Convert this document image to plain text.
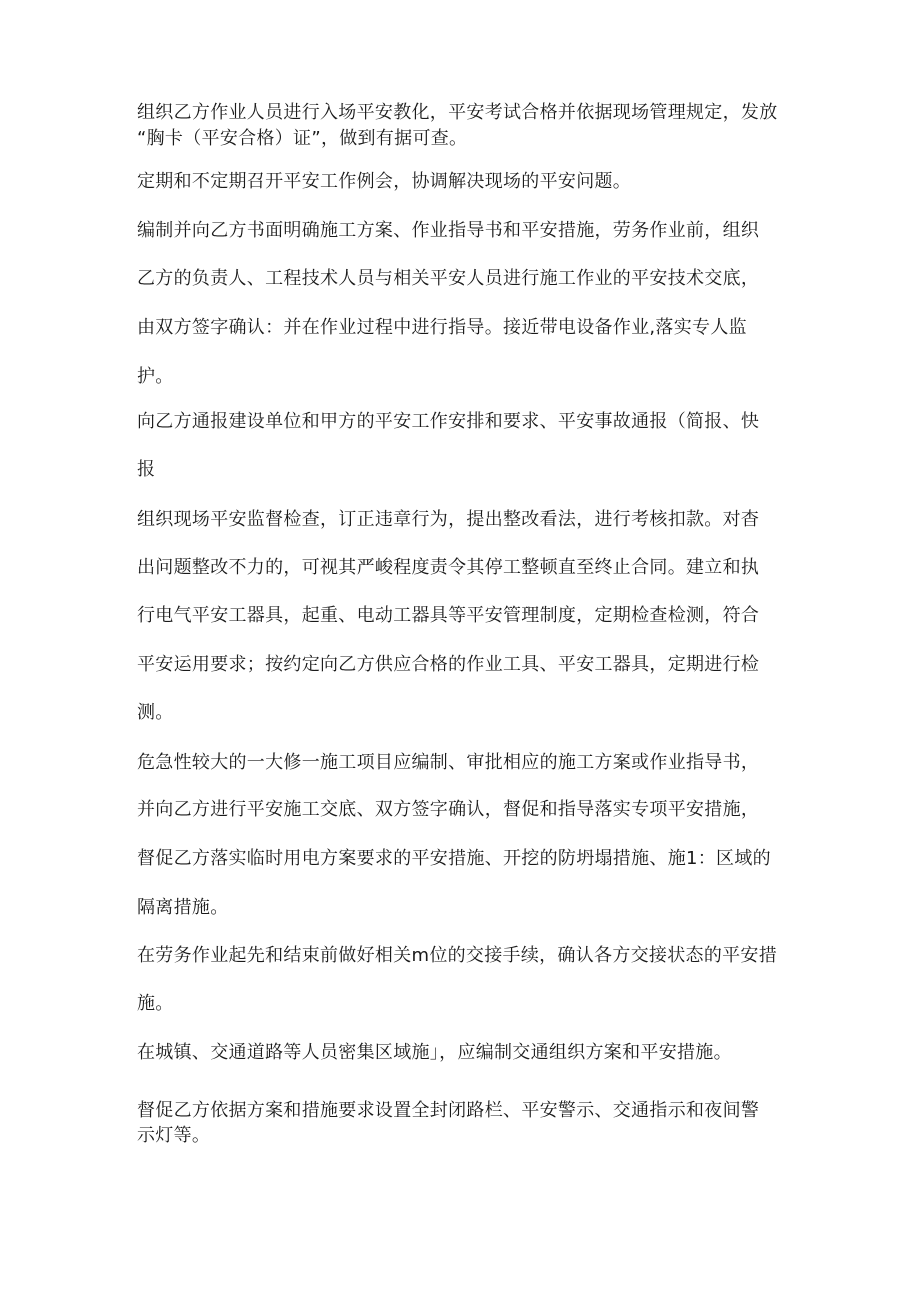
组织乙方作业人员进行入场平安教化，平安考试合格并依据现场管理规定，发放
“胸卡（平安合格）证”，做到有据可查。
定期和不定期召开平安工作例会，协调解决现场的平安问题。
编制并向乙方书面明确施工方案、作业指导书和平安措施，劳务作业前，组织
乙方的负责人、工程技术人员与相关平安人员进行施工作业的平安技术交底，
由双方签字确认：并在作业过程中进行指导。接近带电设备作业,落实专人监
护。
向乙方通报建设单位和甲方的平安工作安排和要求、平安事故通报（简报、快
报
组织现场平安监督检查，订正违章行为，提出整改看法，进行考核扣款。对杳
出问题整改不力的，可视其严峻程度责令其停工整顿直至终止合同。建立和执
行电气平安工器具，起重、电动工器具等平安管理制度，定期检查检测，符合
平安运用要求；按约定向乙方供应合格的作业工具、平安工器具，定期进行检
测。
危急性较大的一大修一施工项目应编制、审批相应的施工方案或作业指导书，
并向乙方进行平安施工交底、双方签字确认，督促和指导落实专项平安措施，
督促乙方落实临时用电方案要求的平安措施、开挖的防坍塌措施、施1：区域的
隔离措施。
在劳务作业起先和结束前做好相关m位的交接手续，确认各方交接状态的平安措
施。
在城镇、交通道路等人员密集区域施」，应编制交通组织方案和平安措施。
督促乙方依据方案和措施要求设置全封闭路栏、平安警示、交通指示和夜间警
示灯等。
